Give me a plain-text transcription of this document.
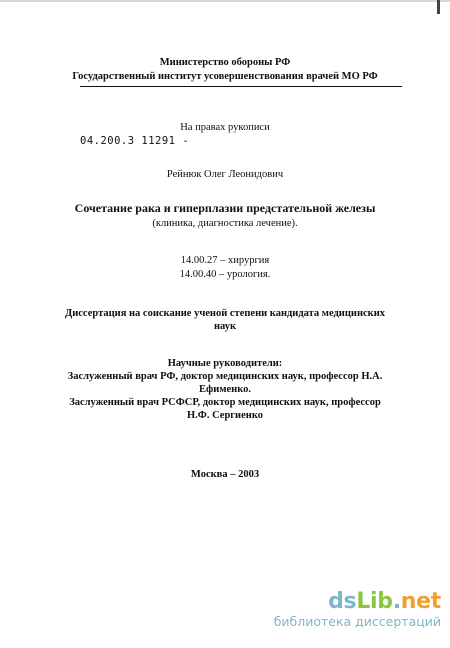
Министерство обороны РФ
Государственный институт усовершенствования врачей МО РФ
На правах рукописи
04.200.3 11291 -
Рейнюк Олег Леонидович
Сочетание рака и гиперплазии предстательной железы
(клиника, диагностика лечение).
14.00.27 – хирургия
14.00.40 – урология.
Диссертация на соискание ученой степени кандидата медицинских
наук
Научные руководители:
Заслуженный врач РФ, доктор медицинских наук, профессор Н.А.
Ефименко.
Заслуженный врач РСФСР, доктор медицинских наук, профессор
Н.Ф. Сергиенко
Москва – 2003
dsLib.net
библиотека диссертаций
